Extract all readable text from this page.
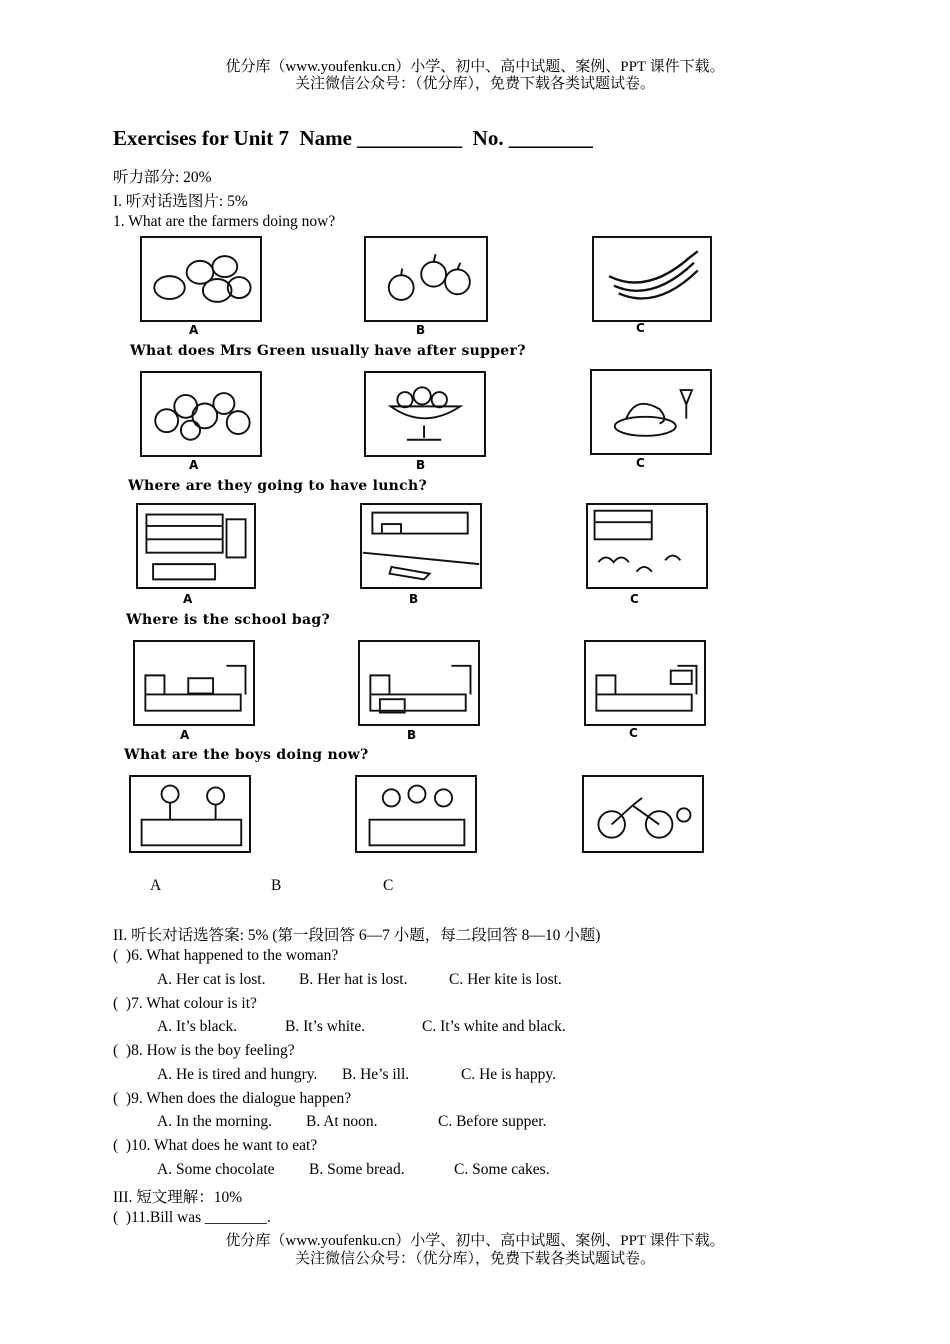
优分库（www.youfenku.cn）小学、初中、高中试题、案例、PPT 课件下载。
关注微信公众号：（优分库），免费下载各类试题试卷。
Exercises for Unit 7  Name __________  No. ________
听力部分: 20%
I. 听对话选图片: 5%
1. What are the farmers doing now?
A	B	C
What does Mrs Green usually have after supper?
A	B	C
Where are they going to have lunch?
A	B	C
Where is the school bag?
A	B	C
What are the boys doing now?
A	B	C
II. 听长对话选答案: 5% (第一段回答 6—7 小题，每二段回答 8—10 小题)
(  )6. What happened to the woman?
A. Her cat is lost. B. Her hat is lost.	C. Her kite is lost.
(  )7. What colour is it?
A. It’s black.	B. It’s white.	C. It’s white and black.
(  )8. How is the boy feeling?
A. He is tired and hungry. B. He’s ill.	C. He is happy.
(  )9. When does the dialogue happen?
A. In the morning. B. At noon.	C. Before supper.
(  )10. What does he want to eat?
A. Some chocolate B. Some bread.	C. Some cakes.
III. 短文理解：10%
(  )11.Bill was ________.
优分库（www.youfenku.cn）小学、初中、高中试题、案例、PPT 课件下载。
关注微信公众号：（优分库），免费下载各类试题试卷。
